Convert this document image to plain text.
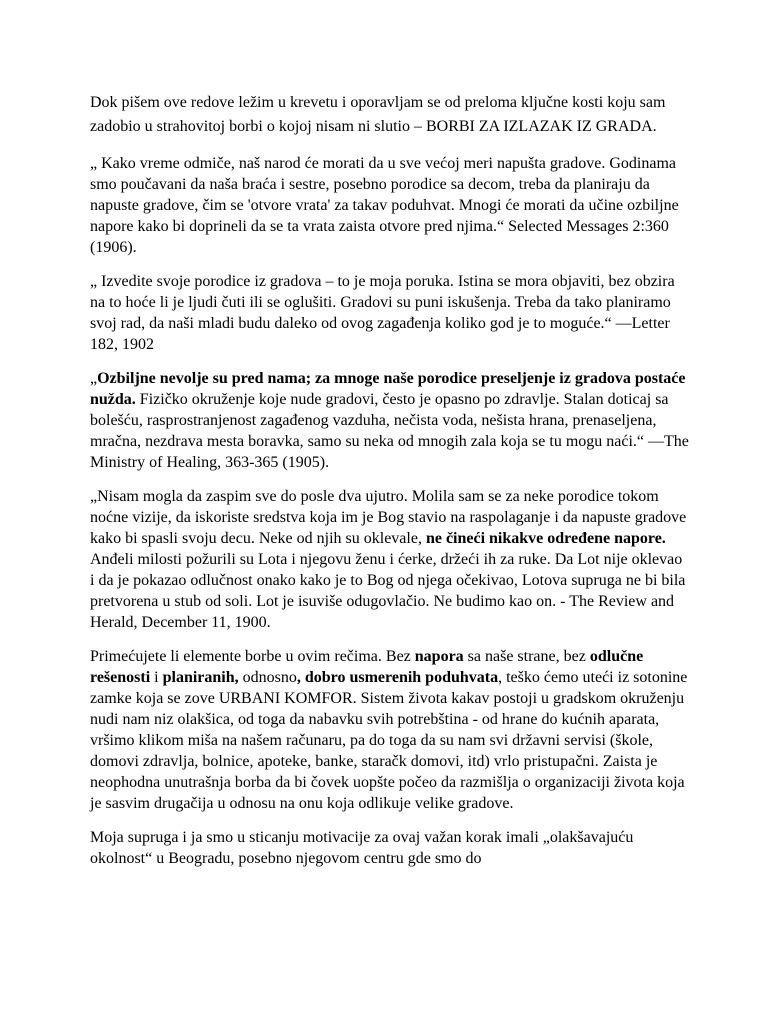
Dok pišem ove redove ležim u krevetu i oporavljam se od preloma ključne kosti koju sam zadobio u strahovitoj borbi o kojoj nisam ni slutio – BORBI ZA IZLAZAK IZ GRADA.

„ Kako vreme odmiče, naš narod će morati da u sve većoj meri napušta gradove. Godinama smo poučavani da naša braća i sestre, posebno porodice sa decom, treba da planiraju da napuste gradove, čim se 'otvore vrata' za takav poduhvat. Mnogi će morati da učine ozbiljne napore kako bi doprineli da se ta vrata zaista otvore pred njima.“ Selected Messages 2:360 (1906).

„ Izvedite svoje porodice iz gradova – to je moja poruka. Istina se mora objaviti, bez obzira na to hoće li je ljudi čuti ili se oglušiti. Gradovi su puni iskušenja. Treba da tako planiramo svoj rad, da naši mladi budu daleko od ovog zagađenja koliko god je to moguće.“ —Letter 182, 1902

„Ozbiljne nevolje su pred nama; za mnoge naše porodice preseljenje iz gradova postaće nužda. Fizičko okruženje koje nude gradovi, često je opasno po zdravlje. Stalan doticaj sa bolešću, rasprostranjenost zagađenog vazduha, nečista voda, nešista hrana, prenaseljena, mračna, nezdrava mesta boravka, samo su neka od mnogih zala koja se tu mogu naći.“ —The Ministry of Healing, 363-365 (1905).

„Nisam mogla da zaspim sve do posle dva ujutro. Molila sam se za neke porodice tokom noćne vizije, da iskoriste sredstva koja im je Bog stavio na raspolaganje i da napuste gradove kako bi spasli svoju decu. Neke od njih su oklevale, ne čineći nikakve određene napore. Anđeli milosti požurili su Lota i njegovu ženu i ćerke, držeći ih za ruke. Da Lot nije oklevao i da je pokazao odlučnost onako kako je to Bog od njega očekivao, Lotova supruga ne bi bila pretvorena u stub od soli. Lot je isuviše odugovlačio. Ne budimo kao on. - The Review and Herald, December 11, 1900.

Primećujete li elemente borbe u ovim rečima. Bez napora sa naše strane, bez odlučne rešenosti i planiranih, odnosno, dobro usmerenih poduhvata, teško ćemo uteći iz sotonine zamke koja se zove URBANI KOMFOR. Sistem života kakav postoji u gradskom okruženju nudi nam niz olakšica, od toga da nabavku svih potrebština - od hrane do kućnih aparata, vršimo klikom miša na našem računaru, pa do toga da su nam svi državni servisi (škole, domovi zdravlja, bolnice, apoteke, banke, staračk domovi, itd) vrlo pristupačni. Zaista je neophodna unutrašnja borba da bi čovek uopšte počeo da razmišlja o organizaciji života koja je sasvim drugačija u odnosu na onu koja odlikuje velike gradove.

Moja supruga i ja smo u sticanju motivacije za ovaj važan korak imali „olakšavajuću okolnost“ u Beogradu, posebno njegovom centru gde smo do
